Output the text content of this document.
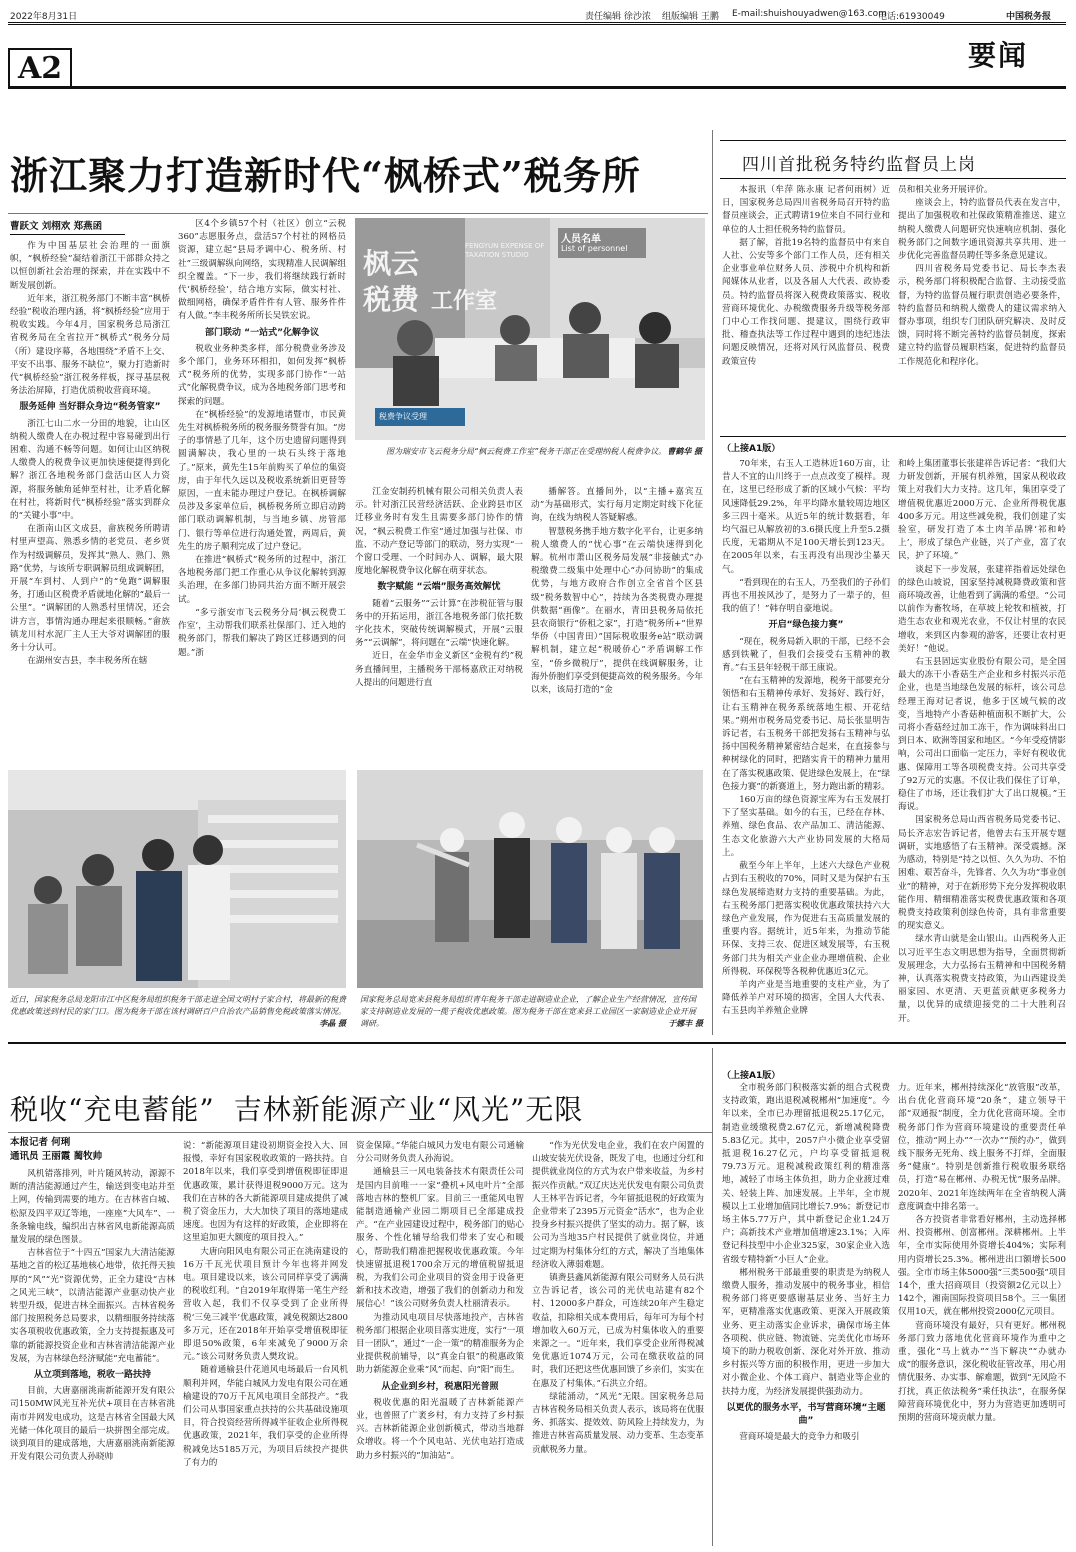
2022年8月31日	责任编辑 徐沙浓 组版编辑 王鹏 E-mail:shuishouyadwen@163.com
电话:61930049	中国税务报
A2	要闻
浙江聚力打造新时代“枫桥式”税务所
曹跃文 刘栩欢 郑燕函

作为中国基层社会治理的一面旗帜，“枫桥经验”凝结着浙江干部群众持之以恒创新社会治理的探索，并在实践中不断发展创新。

近年来，浙江税务部门不断丰富“枫桥经验”税收治理内涵，将“枫桥经验”应用于税收实践。今年4月，国家税务总局浙江省税务局在全省拉开“枫桥式”税务分局（所）建设序幕，各地围绕“矛盾不上交、平安不出事、服务不缺位”，聚力打造新时代“枫桥经验”浙江税务样板，探寻基层税务法治屏障，打造优质税收营商环境。

服务延伸 当好群众身边“税务管家”

浙江七山二水一分田的地貌，让山区纳税人缴费人在办税过程中容易碰到出行困难、沟通不畅等问题。如何让山区纳税人缴费人的税费争议更加快速便捷得到化解？浙江各地税务部门盘活山区人力资源，将服务触角延伸至村社，让矛盾化解在村社，将新时代“枫桥经验”落实到群众的“关键小事”中。

在浙南山区文成县，畲族税务所聘请村里声望高、熟悉乡情的老党员、老乡贤作为村级调解员，发挥其“熟人、熟门、熟路”优势，与该所专职调解员组成调解团，开展“车到村、人到户”的“免跑”调解服务，打通山区税费矛盾就地化解的“最后一公里”。“调解团的人熟悉村里情况，还会讲方言，事情沟通办理起来很顺畅。”畲族镇龙川村水泥厂主人王大爷对调解团的服务十分认可。

在湖州安吉县，李丰税务所在辖

区4个乡镇57个村（社区）创立“云税360”志愿服务点，盘活57个村社的网格员资源，建立起“县局矛调中心、税务所、村社”三级调解纵向网络，实现精准人民调解组织全覆盖。“下一步，我们将继续践行新时代‘枫桥经验’，结合地方实际，做实村社、做细网格，确保矛盾件件有人管、服务件件有人做。”李丰税务所所长吴铁宏说。

部门联动 “一站式”化解争议

税收业务种类多样，部分税费业务涉及多个部门，业务环环相扣，如何发挥“枫桥式”税务所的优势，实现多部门协作“一站式”化解税费争议，成为各地税务部门思考和探索的问题。

在“枫桥经验”的发源地诸暨市，市民黄先生对枫桥税务所的税务服务赞誉有加。“房子的事情悬了几年，这个历史遗留问题得到圆满解决，我心里的一块石头终于落地了。”原来，黄先生15年前购买了单位的集资房，由于年代久远以及税收系统新旧更替等原因，一直未能办理过户登记。在枫桥调解员涉及多家单位后，枫桥税务所立即启动跨部门联动调解机制，与当地乡镇、房管部门、银行等单位进行沟通处置，两周后，黄先生的房子顺利完成了过户登记。

在推进“枫桥式”税务所的过程中，浙江各地税务部门把工作重心从争议化解转到源头治理，在多部门协同共治方面不断开展尝试。

“多亏浙安市飞云税务分局‘枫云税费工作室’，主动帮我们联系社保部门、迁入地的税务部门，帮我们解决了跨区迁移遇到的问题。”浙

人员名单
List of personnel
枫云
税费 工作室
FENGYUN EXPENSE OF TAXATION STUDIO
税费争议受理
图为瑞安市飞云税务分局“枫云税费工作室”税务干部正在受理纳税人税费争议。 曹鹤华 摄

江金安制药机械有限公司相关负责人表示。针对浙江民营经济活跃、企业跨县市区迁移业务时有发生且需要多部门协作的情况，“枫云税费工作室”通过加强与社保、市监、不动产登记等部门的联动，努力实现“一个窗口受理、一个时间办人、调解，最大限度地化解税费争议化解在萌芽状态。

数字赋能 “云端”服务高效解忧

随着“云服务”“云计算”在涉税征管与服务中的开拓运用，浙江各地税务部门依托数字化技术，突破传统调解模式，开展“云服务”“云调解”，将问题在“云端”快速化解。

近日，在金华市金义新区“金税有约”税务直播间里，主播税务干部杨嘉欣正对纳税人提出的问题进行直

播解答。直播间外，以“主播+嘉宾互动”为基础形式，实行每月定期定时线下化征询，在线为纳税人答疑解惑。

智慧税务携手地方数字化平台，让更多纳税人缴费人的“忧心事”在云端快速得到化解。杭州市萧山区税务局发展“非接触式”办税缴费二级集中处理中心“办问协助”的集成优势，与地方政府合作创立全省首个区县级“税务数智中心”，持续为各类税费办理提供数据“画像”。在丽水，青田县税务局依托县农商银行“侨租之家”，打造“税务所+”世界华侨（中国青田）”国际税收服务e站”联动调解机制，建立起“税暖侨心”矛盾调解工作室，“侨乡微税厅”，提供在线调解服务，让海外侨胞们享受到便捷高效的税务服务。今年以来，该局打造的“金

近日，国家税务总局龙阳市江中区税务局组织税务干部走进全国文明村子家合村，将最新的税费优惠政策送到村民的家门口。图为税务干部在该村调研百户自治农产品销售免税政策落实情况。
李晶 摄
国家税务总局宽来县税务局组织青年税务干部走进制造业企业，了解企业生产经营情况，宣传国家支持制造业发展的一揽子税收优惠政策。图为税务干部在宽来县工业园区一家制造业企业开展调研。	于娜丰 摄
四川首批税务特约监督员上岗

本报讯（牟萍 陈永康 记者何雨树）近日，国家税务总局四川省税务局召开特约监督员座谈会，正式聘请19位来自不同行业和单位的人士担任税务特约监督员。

据了解，首批19名特约监督员中有来自人社、公安等多个部门工作人员，还有相关企业事业单位财务人员、涉税中介机构和新闻媒体从业者，以及各届人大代表、政协委员。特约监督员将深入税费政策落实、税收营商环境优化、办税缴费服务升级等税务部门中心工作找问题、提建议，围绕行政审批、稽查执法等工作过程中遇到的违纪违法问题反映情况，还将对风行风监督员、税费政策宣传

员和相关业务开展评价。

座谈会上，特约监督员代表在发言中，提出了加强税收和社保政策精准推送、建立纳税人缴费人问题研究快速响应机制、强化税务部门之间数字通讯资源共享共用、进一步优化完善监督员聘任等多条意见建议。

四川省税务局党委书记、局长李杰表示，税务部门将积极配合监督、主动接受监督，为特约监督员履行职责创造必要条件，特约监督员和纳税人缴费人的建议需求纳入督办事项，组织专门团队研究解决、及时反馈，同时将不断完善特约监督员制度，探索建立特约监督员履职档案，促进特约监督员工作规范化和程序化。

（上接A1版）

70年来，右玉人工造林近160万亩，让昔人不宜的山川终于一点点改变了模样。现在，这里已经形成了新的区域小气候：平均风速降低29.2%，年平均降水量较周边地区多三四十毫米。从近5年的统计数据看，年均气温已从解放初的3.6摄氏度上升至5.2摄氏度，无霜期从不足100天增长到123天。在2005年以来，右玉再没有出现沙尘暴天气。

“看到现在的右玉人，乃至我们的子孙们再也不用挨风沙了，是努力了一辈子的，但我的值了！”韩存明自豪地说。

开启“绿色接力赛”

“现在，税务局新入职的干部，已经不会感到铁靴了，但我们会接受右玉精神的教育。”右玉县年轻税干部王康说。

“在右玉精神的发源地，税务干部要充分领悟和右玉精神传承好、发扬好、践行好，让右玉精神在税务系统落地生根、开花结果。”朔州市税务局党委书记、局长张显明告诉记者，右玉税务干部把发扬右玉精神与弘扬中国税务精神紧密结合起来，在直接参与种树绿化的同时，把踏实肯干的精神力量用在了落实税惠政策、促进绿色发展上，在“绿色接力赛”的新赛道上，努力跑出新的精彩。

160万亩的绿色资源宝库为右玉发展打下了坚实基础。如今的右玉，已经在存林、养殖、绿色食品、农产品加工、清洁能源、生态文化旅游六大产业协同发展的大格局上。

截至今年上半年，上述六大绿色产业税占到右玉税收的70%，同时又是为保护右玉绿色发展缔造财力支持的重要基础。为此，右玉税务部门把落实税收优惠政策扶持六大绿色产业发展，作为促进右玉高质量发展的重要内容。据统计，近5年来，为推动节能环保、支持三农、促进区域发展等，右玉税务部门共为相关产业企业办理增值税、企业所得税、环保税等各税种优惠近3亿元。

羊肉产业是当地重要的支柱产业，为了降低养羊户对环境的损害，全国人大代表、右玉县肉羊养殖企业牌

和岭上集团董事长张建祥告诉记者：“我们大力研发创新，开展有机养殖，国家从税收政策上对我们大力支持。这几年，集团享受了增值税优惠近2000万元、企业所得税优惠400多万元。用这些减免税，我们创建了实验室，研发打造了本土肉羊品牌‘祁和岭上’，形成了绿色产业链，兴了产业，富了农民，护了环境。”

谈起下一步发展，张建祥指着远处绿色的绿色山坡说，国家坚持减税降费政策和营商环境改善，让他看到了满满的希望。“公司以前作为畜牧场，在草坡上轮牧和植被，打造生态农业和观光农业，不仅让村里的农民增收，来到区内参观的游客，还要让农村更美好！”他说。

右玉县固远实业股份有限公司，是全国最大的冻干小香菇生产企业和乡村振兴示范企业，也是当地绿色发展的标杆，该公司总经理王海对记者说，他多于区域气候的改变，当地特产小香菇种植面积不断扩大，公司将小香菇经过加工冻干，作为调味料出口到日本、欧洲等国家和地区。“今年受疫情影响，公司出口面临一定压力，幸好有税收优惠、保障用工等各项税费支持。公司共享受了92万元的实惠。不仅让我们保住了订单，稳住了市场，还让我们扩大了出口规模。”王海说。

国家税务总局山西省税务局党委书记、局长齐志宏告诉记者，他曾去右玉开展专题调研，实地感悟了右玉精神。深受震撼。深为感动，特别是“持之以恒、久久为功、不怕困难、艰苦奋斗，先锋者、久久为功”事业创业”的精神，对于在新形势下充分发挥税收职能作用、精细精准落实税费优惠政策和各项税费支持政策利创绿色传奇，具有非常重要的现实意义。

绿水青山就是金山银山。山西税务人正以习近平生态文明思想为指导，全面贯彻新发展理念，大力弘扬右玉精神和中国税务精神，认真落实税费支持政策，为山西建设美丽家园、水更清、天更蓝贡献更多税务力量，以优异的成绩迎接党的二十大胜利召开。

税收“充电蓄能” 吉林新能源产业“风光”无限
本报记者 何琍
通讯员 王丽霞 蔺牧帅

风机错落排列，叶片随风转动，源源不断的清洁能源通过产生，输送到变电站并至上网，传输到需要的地方。在吉林省白城、松原及四平双辽等地，一座座“大风车”、一条条输电线，编织出吉林省风电新能源高质量发展的绿色图景。

吉林省位于“十四五”国家九大清洁能源基地之首的松辽基地核心地带，依托得天独厚的“风”“光”资源优势，正全力建设“吉林之风光三峡”，以清洁能源产业驱动快产业转型升级，促进吉林全面振兴。吉林省税务部门按照税务总局要求，以精细服务持续落实各项税收优惠政策，全力支持提振惠及可靠的新能源投资企业和吉林省清洁能源产业发展，为吉林绿色经济赋能“充电蓄能”。

从立项到落地，税收一路扶持

目前，大唐嘉丽洮南新能源开发有限公司150MW风光互补光伏+项目在吉林省洮南市并网发电成功，这是吉林省全国最大风光储一体化项目的最后一块拼图全部完成。谈到项目的建成落地，大唐嘉丽洮南新能源开发有限公司负责人孙晓帅

说：“新能源项目建设初期资金投入大、回报慢，幸好有国家税收政策的一路扶持。自2018年以来，我们享受到增值税即征即退优惠政策，累计获得退税9000万元。这为我们在吉林的各大新能源项目建成提供了减税了资金压力，大大加快了项目的落地建成速度。也因为有这样的好政策，企业即将在这里追加更大额度的项目投入。”

大唐向阳风电有限公司正在洮南建设的16万千瓦光伏项目预计今年也将并网发电。项目建设以来，该公司同样享受了满满的税收红利。“自2019年取得第一笔生产经营收入起，我们不仅享受到了企业所得税‘三免三减半’优惠政策，减免税额达2800多万元，还在2018年开始享受增值税即征即退50%政策，6年来减免了9000万余元。”该公司财务负责人樊玫说。

随着通榆县什花道风电场最后一台风机顺利并网，华能白城风力发电有限公司在通榆建设的70万千瓦风电项目全部投产。“我们公司从事国家重点扶持的公共基础设施项目，符合投资经营所得减半征收企业所得税优惠政策，2021年，我们享受的企业所得税减免达5185万元，为项目后续投产提供了有力的

资金保障。”华能白城风力发电有限公司通榆分公司财务负责人孙海说。

通榆县三一风电装备技术有限责任公司是国内目前唯一一家“叠机+风电叶片”全部落地吉林的整机厂家。目前三一重能风电智能制造通榆产业园二期项目已全部建成投产。“在产业园建设过程中，税务部门的贴心服务、个性化辅导给我们带来了安心和暖心，帮助我们精准把握税收优惠政策。今年快速留抵退税1700余万元的增值税留抵退税，为我们公司企业项目的资金用于设备更新和技术改造，增强了我们的创新动力和发展信心！”该公司财务负责人杜丽清表示。

为推动风电项目尽快落地投产，吉林省税务部门根据企业项目落实进度，实行“一项目一团队”，通过“一企一策”的精准服务为企业提供税前辅导，以“真金白银”的税惠政策助力新能源企业乘“风”而起、向“阳”而生。

从企业到乡村，税惠阳光普照

税收优惠的阳光温暖了吉林新能源产业，也普照了广袤乡村，有力支持了乡村振兴。吉林新能源企业创新模式，带动当地群众增收。将一个个风电站、光伏电站打造成助力乡村振兴的“加油站”。

“作为光伏发电企业，我们在农户闲置的山坡安装光伏设备，既发了电，也通过分红和提供就业岗位的方式为农户带来收益，为乡村振兴作贡献。”双辽庆达光伏发电有限公司负责人王林平告诉记者，今年留抵退税的好政策为企业带来了2395万元资金“活水”，也为企业投身乡村振兴提供了坚实的动力。据了解，该公司为当地35户村民提供了就业岗位，并通过定期为村集体分红的方式，解决了当地集体经济收入薄弱难题。

镇赉县鑫风新能源有限公司财务人员石洪立告诉记者，该公司的光伏电站建有82个村、12000多户群众，可连续20年产生稳定收益，扣除相关成本费用后，每年可为每个村增加收入60万元，已成为村集体收入的重要来源之一。“近年来，我们享受企业所得税减免优惠近1074万元，公司在缴获收益的同时，我们还把这些优惠回馈了乡亲们，实实在在惠及了村集体。”石洪立介绍。

绿能涌动，“风光”无限。国家税务总局吉林省税务局相关负责人表示，该局将在优服务、抓落实、提效效、防风险上持续发力，为推进吉林省高质量发展、动力变革、生态变革贡献税务力量。

（上接A1版）

全市税务部门积极落实新的组合式税费支持政策，跑出退税减税郴州“加速度”。今年以来，全市已办理留抵退税25.17亿元，制造业缓缴税费2.67亿元，新增减税降费5.83亿元。其中，2057户小微企业享受留抵退税16.27亿元，户均享受留抵退税79.73万元。退税减税政策红利的精准落地，减轻了市场主体负担，助力企业渡过难关、轻装上阵、加速发展。上半年，全市规模以上工业增加值同比增长7.9%；新登记市场主体5.77万户，其中新登记企业1.24万户；高新技术产业增加值增速23.1%；入库登记科技型中小企业325家，30家企业入选省级专精特新“小巨人”企业。

郴州税务干部最重要的职责是为纳税人缴费人服务，推动发展中的税务事业，相信税务部门将更要感谢基层业务、当好主力军，更精准落实优惠政策、更深入开展政策业务、更主动落实企业诉求，确保市场主体各项税、供应链、物流链、完美优化市场环境下的助力税收创新、深化对外开放、推动乡村振兴等方面的积极作用，更进一步加大对小微企业、个体工商户、制造业等企业的扶持力度，为经济发展提供强劲动力。

以更优的服务水平，书写营商环境“主题曲”

营商环境是最大的竞争力和吸引

力。近年来，郴州持续深化“放管服”改革，出台优化营商环境“20条”，建立领导干部“双通报”制度，全力优化营商环境。全市税务部门作为营商环境建设的重要责任单位，推动“网上办”“一次办”“预约办”，做到线下服务无死角、线上服务不打烊，全面服务“健康”。特别是创新推行税收服务联络员，打造“易在郴州、办税无忧”服务品牌。2020年、2021年连续两年在全省纳税人满意度调查中排名第一。

各方投资者非常看好郴州，主动选择郴州、投资郴州、创富郴州。深耕郴州。上半年，全市实际使用外资增长404%；实际利用内资增长25.3%。郴州进出口额增长500强。全市市场主体5000强“三类500强”项目14个，重大招商项目（投资额2亿元以上）142个，湘南国际投资项目58个。三一集团仅用10天，就在郴州投资2000亿元项目。

营商环境没有最好，只有更好。郴州税务部门致力落地优化营商环境作为重中之重，强化“马上就办”“当下解决”“办就办成”的服务意识，深化税收征管改革，用心用情优服务、办实事、解难题，做到“无风险不打扰，真正依法税务“乘任执法”，在服务保障营商环境优化中，努力为营造更加透明可预期的营商环境贡献力量。
